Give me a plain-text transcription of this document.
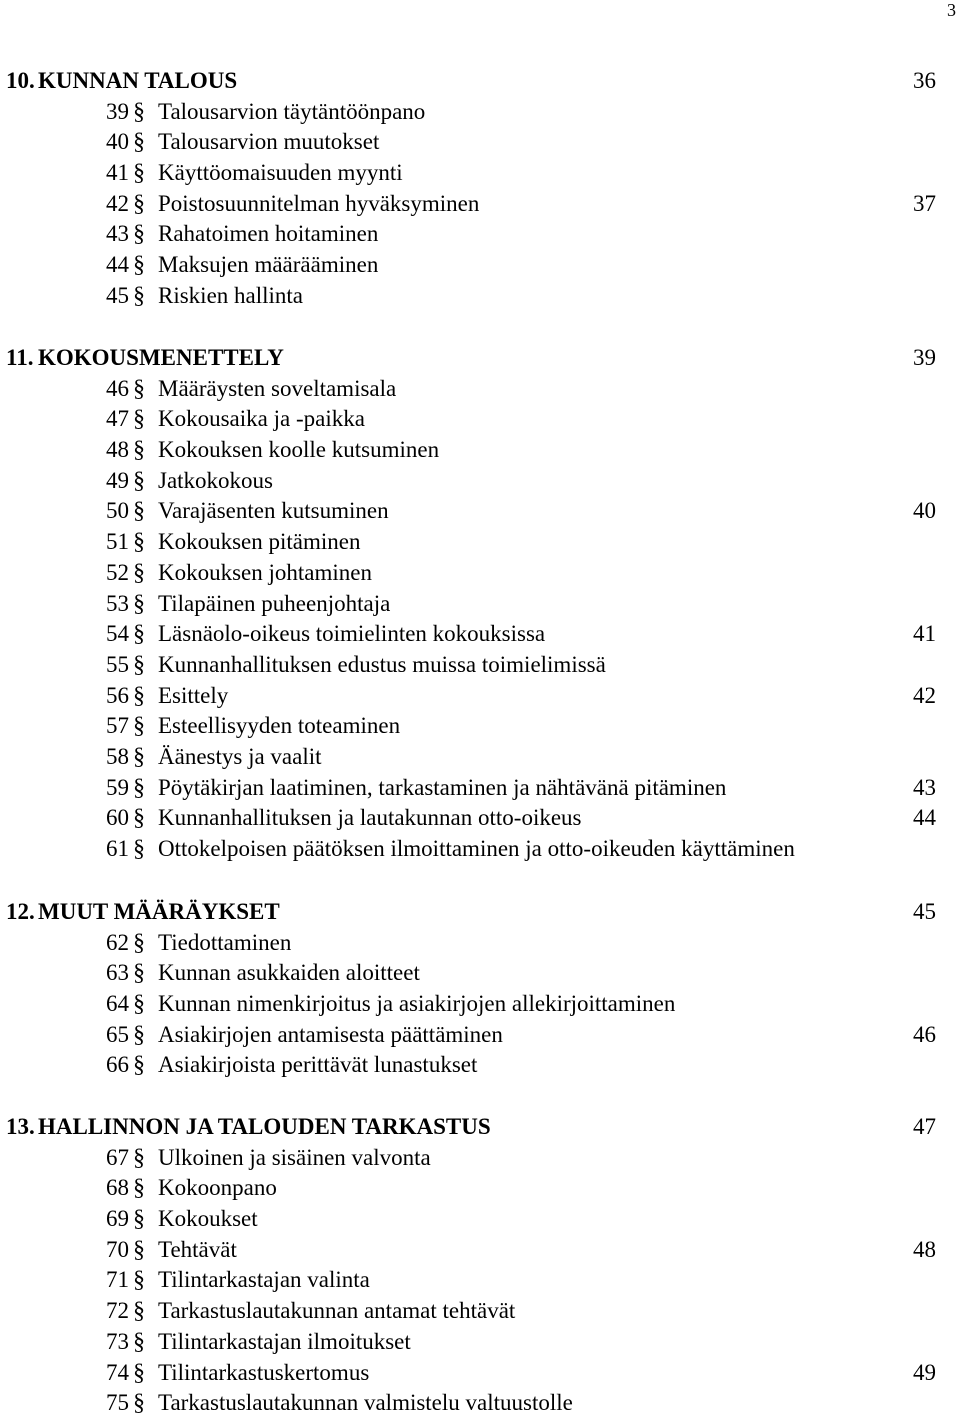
3
10. KUNNAN TALOUS	36
39 § Talousarvion täytäntöönpano
40 § Talousarvion muutokset
41 § Käyttöomaisuuden myynti
42 § Poistosuunnitelman hyväksyminen	37
43 § Rahatoimen hoitaminen
44 § Maksujen määrääminen
45 § Riskien hallinta
11. KOKOUSMENETTELY	39
46 § Määräysten soveltamisala
47 § Kokousaika ja -paikka
48 § Kokouksen koolle kutsuminen
49 § Jatkokokous
50 § Varajäsenten kutsuminen	40
51 § Kokouksen pitäminen
52 § Kokouksen johtaminen
53 § Tilapäinen puheenjohtaja
54 § Läsnäolo-oikeus toimielinten kokouksissa	41
55 § Kunnanhallituksen edustus muissa toimielimissä
56 § Esittely	42
57 § Esteellisyyden toteaminen
58 § Äänestys ja vaalit
59 § Pöytäkirjan laatiminen, tarkastaminen ja nähtävänä pitäminen	43
60 § Kunnanhallituksen ja lautakunnan otto-oikeus	44
61 § Ottokelpoisen päätöksen ilmoittaminen ja otto-oikeuden käyttäminen
12. MUUT MÄÄRÄYKSET	45
62 § Tiedottaminen
63 § Kunnan asukkaiden aloitteet
64 § Kunnan nimenkirjoitus ja asiakirjojen allekirjoittaminen
65 § Asiakirjojen antamisesta päättäminen	46
66 § Asiakirjoista perittävät lunastukset
13. HALLINNON JA TALOUDEN TARKASTUS	47
67 § Ulkoinen ja sisäinen valvonta
68 § Kokoonpano
69 § Kokoukset
70 § Tehtävät	48
71 § Tilintarkastajan valinta
72 § Tarkastuslautakunnan antamat tehtävät
73 § Tilintarkastajan ilmoitukset
74 § Tilintarkastuskertomus	49
75 § Tarkastuslautakunnan valmistelu valtuustolle
